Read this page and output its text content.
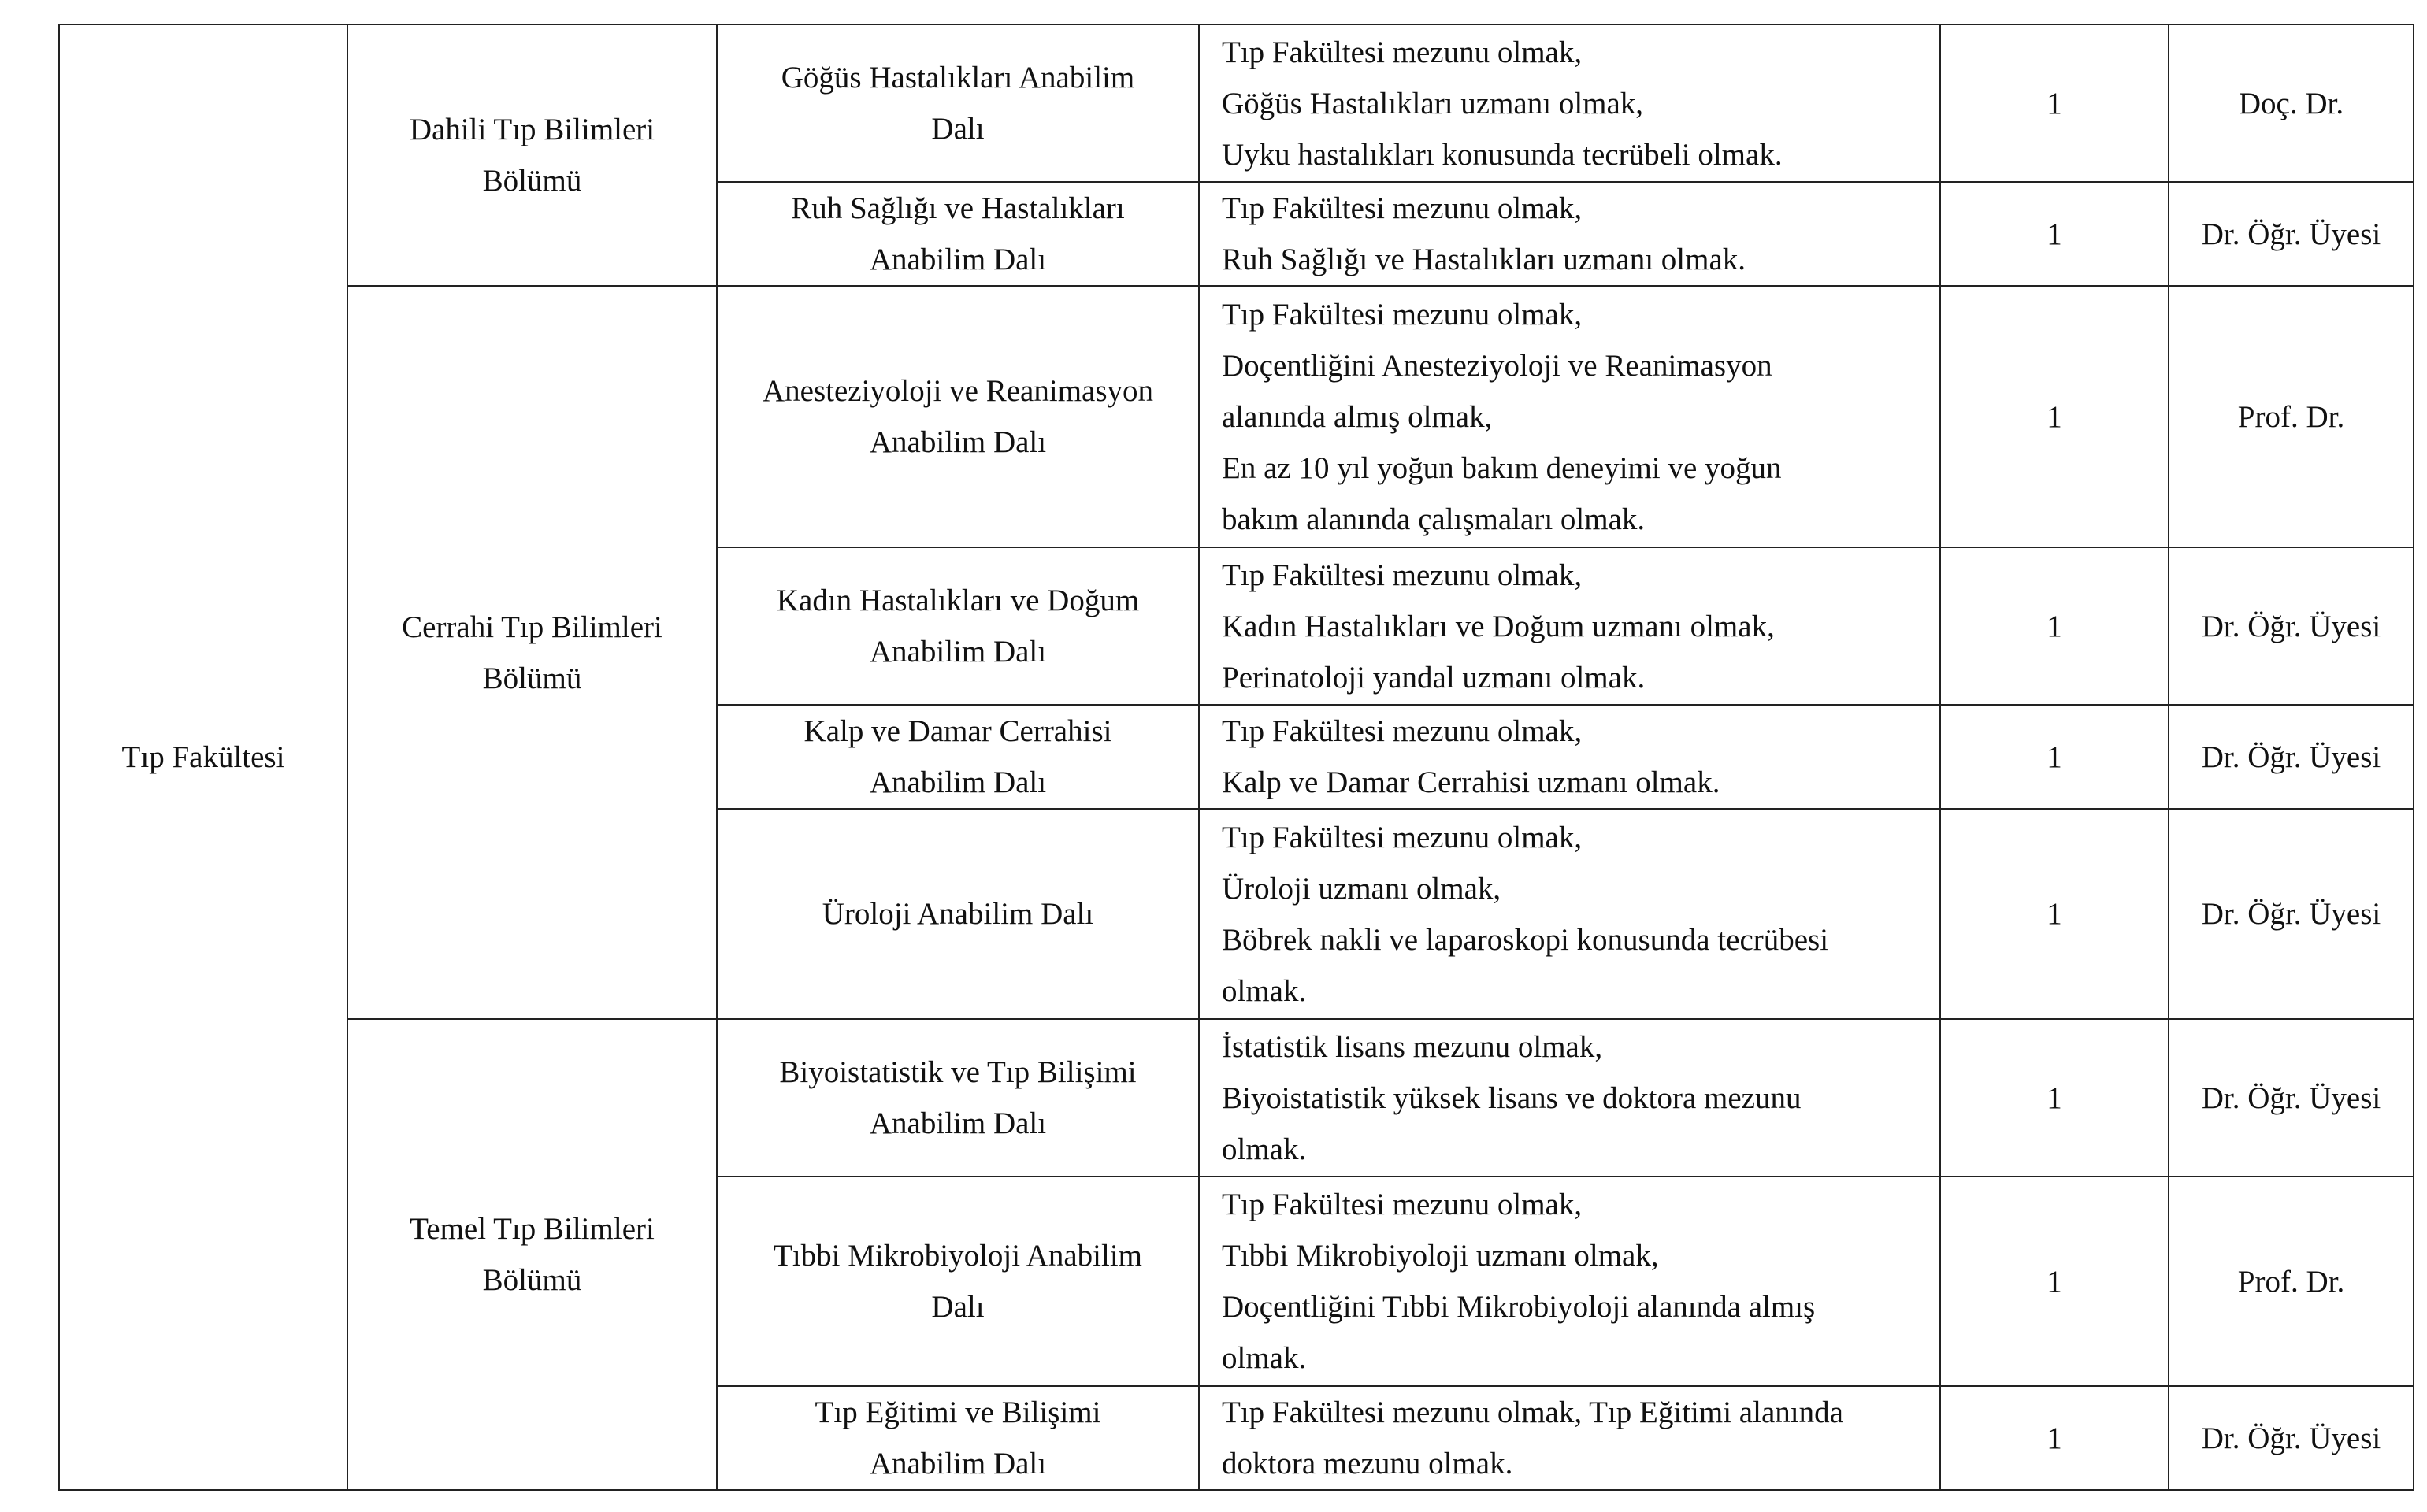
Tıp Fakültesi	Dahili Tıp Bilimleri
Bölümü	Göğüs Hastalıkları Anabilim
Dalı	Tıp Fakültesi mezunu olmak,
Göğüs Hastalıkları uzmanı olmak,
Uyku hastalıkları konusunda tecrübeli olmak.	1	Doç. Dr.

		Ruh Sağlığı ve Hastalıkları
Anabilim Dalı	Tıp Fakültesi mezunu olmak,
Ruh Sağlığı ve Hastalıkları uzmanı olmak.	1	Dr. Öğr. Üyesi

	Cerrahi Tıp Bilimleri
Bölümü	Anesteziyoloji ve Reanimasyon
Anabilim Dalı	Tıp Fakültesi mezunu olmak,
Doçentliğini Anesteziyoloji ve Reanimasyon
alanında almış olmak,
En az 10 yıl yoğun bakım deneyimi ve yoğun
bakım alanında çalışmaları olmak.	1	Prof. Dr.

		Kadın Hastalıkları ve Doğum
Anabilim Dalı	Tıp Fakültesi mezunu olmak,
Kadın Hastalıkları ve Doğum uzmanı olmak,
Perinatoloji yandal uzmanı olmak.	1	Dr. Öğr. Üyesi

		Kalp ve Damar Cerrahisi
Anabilim Dalı	Tıp Fakültesi mezunu olmak,
Kalp ve Damar Cerrahisi uzmanı olmak.	1	Dr. Öğr. Üyesi

		Üroloji Anabilim Dalı	Tıp Fakültesi mezunu olmak,
Üroloji uzmanı olmak,
Böbrek nakli ve laparoskopi konusunda tecrübesi
olmak.	1	Dr. Öğr. Üyesi

	Temel Tıp Bilimleri
Bölümü	Biyoistatistik ve Tıp Bilişimi
Anabilim Dalı	İstatistik lisans mezunu olmak,
Biyoistatistik yüksek lisans ve doktora mezunu
olmak.	1	Dr. Öğr. Üyesi

		Tıbbi Mikrobiyoloji Anabilim
Dalı	Tıp Fakültesi mezunu olmak,
Tıbbi Mikrobiyoloji uzmanı olmak,
Doçentliğini Tıbbi Mikrobiyoloji alanında almış
olmak.	1	Prof. Dr.

		Tıp Eğitimi ve Bilişimi
Anabilim Dalı	Tıp Fakültesi mezunu olmak, Tıp Eğitimi alanında
doktora mezunu olmak.	1	Dr. Öğr. Üyesi
